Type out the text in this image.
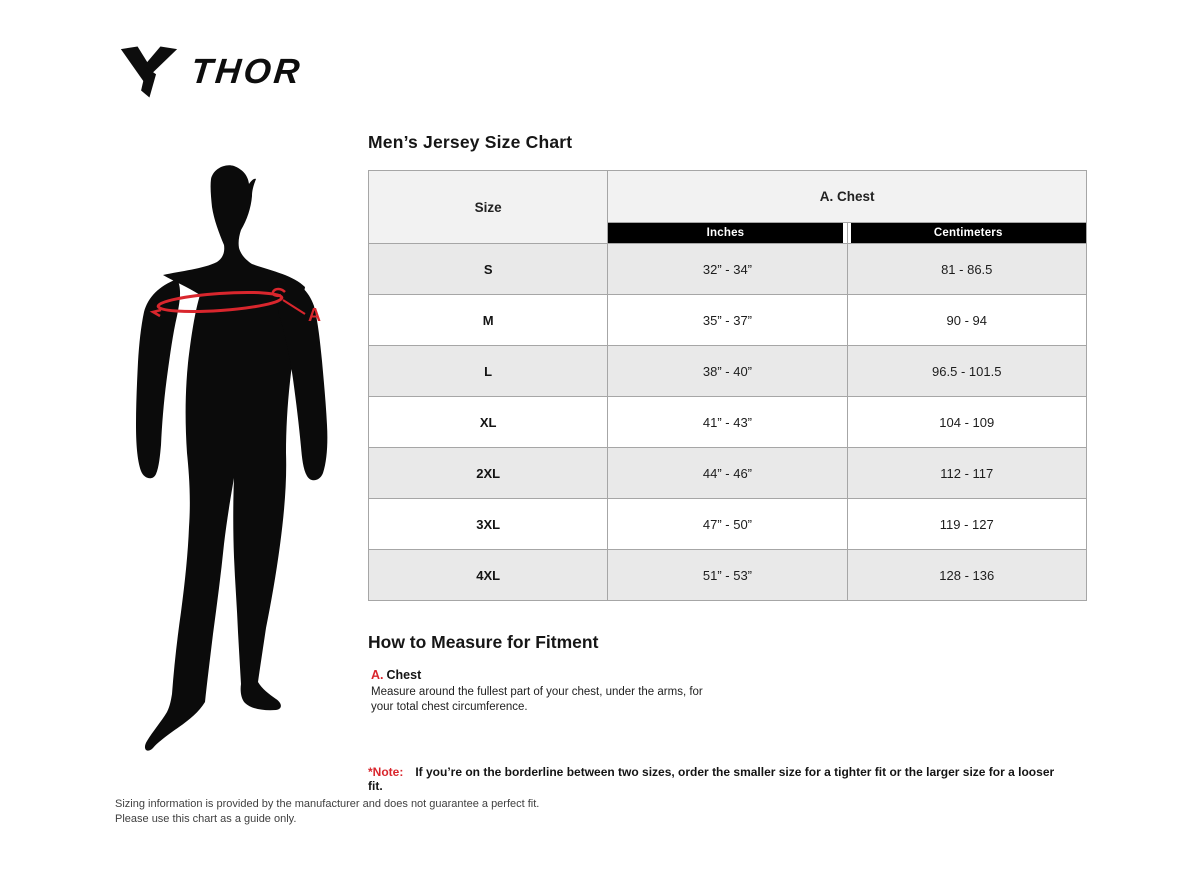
THOR
A
Men’s Jersey Size Chart
Size	A. Chest	

Inches	Centimeters

S	32” - 34”	81 - 86.5
M	35” - 37”	90 - 94
L	38” - 40”	96.5 - 101.5
XL	41” - 43”	104 - 109
2XL	44” - 46”	112 - 117
3XL	47” - 50”	119 - 127
4XL	51” - 53”	128 - 136
How to Measure for Fitment
A. Chest
Measure around the fullest part of your chest, under the arms, for your total chest circumference.
*Note: If you’re on the borderline between two sizes, order the smaller size for a tighter fit or the larger size for a looser fit.
Sizing information is provided by the manufacturer and does not guarantee a perfect fit.
Please use this chart as a guide only.
